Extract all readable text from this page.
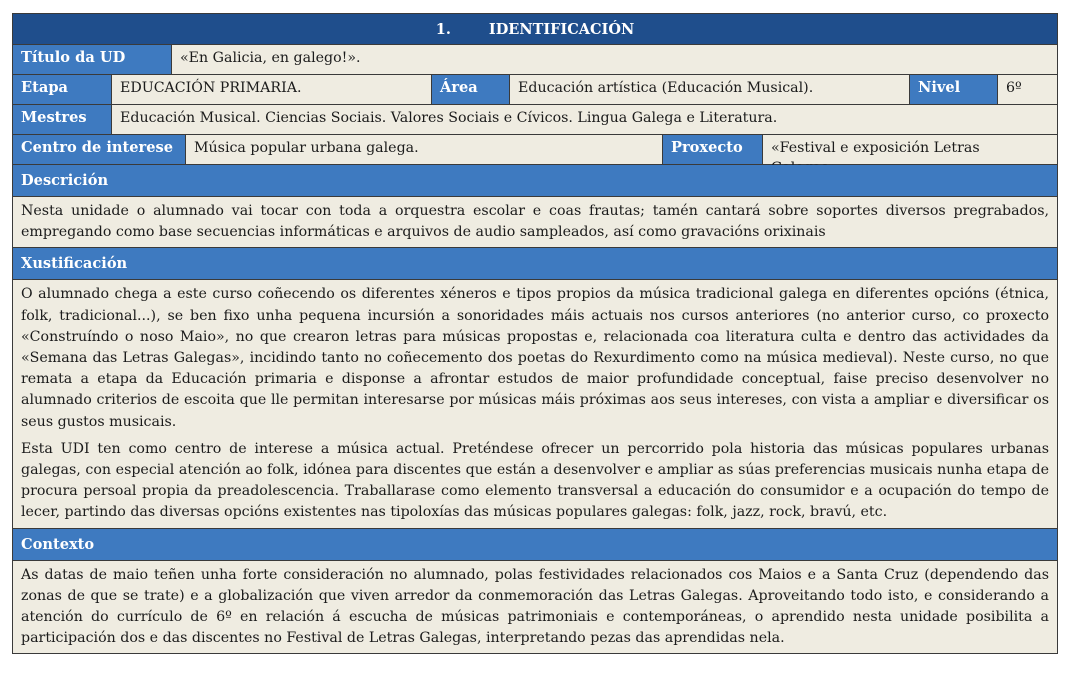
1.	IDENTIFICACIÓN
Título da UD	«En Galicia, en galego!».
Etapa	EDUCACIÓN PRIMARIA.	Área	Educación artística (Educación Musical).	Nivel	6º
Mestres	Educación Musical. Ciencias Sociais. Valores Sociais e Cívicos. Lingua Galega e Literatura.
Centro de interese	Música popular urbana galega.	Proxecto	«Festival e exposición Letras
Descrición

Nesta unidade o alumnado vai tocar con toda a orquestra escolar e coas frautas; tamén cantará sobre soportes diversos pregrabados, empregando como base secuencias informáticas e arquivos de audio sampleados, así como gravacións orixinais

Xustificación

O alumnado chega a este curso coñecendo os diferentes xéneros e tipos propios da música tradicional galega en diferentes opcións (étnica, folk, tradicional...), se ben fixo unha pequena incursión a sonoridades máis actuais nos cursos anteriores (no anterior curso, co proxecto «Construíndo o noso Maio», no que crearon letras para músicas propostas e, relacionada coa literatura culta e dentro das actividades da «Semana das Letras Galegas», incidindo tanto no coñecemento dos poetas do Rexurdimento como na música medieval). Neste curso, no que remata a etapa da Educación primaria e disponse a afrontar estudos de maior profundidade conceptual, faise preciso desenvolver no alumnado criterios de escoita que lle permitan interesarse por músicas máis próximas aos seus intereses, con vista a ampliar e diversificar os seus gustos musicais.

Esta UDI ten como centro de interese a música actual. Preténdese ofrecer un percorrido pola historia das músicas populares urbanas galegas, con especial atención ao folk, idónea para discentes que están a desenvolver e ampliar as súas preferencias musicais nunha etapa de procura persoal propia da preadolescencia. Traballarase como elemento transversal a educación do consumidor e a ocupación do tempo de lecer, partindo das diversas opcións existentes nas tipoloxías das músicas populares galegas: folk, jazz, rock, bravú, etc.

Contexto

As datas de maio teñen unha forte consideración no alumnado, polas festividades relacionados cos Maios e a Santa Cruz (dependendo das zonas de que se trate) e a globalización que viven arredor da conmemoración das Letras Galegas. Aproveitando todo isto, e considerando a atención do currículo de 6º en relación á escucha de músicas patrimoniais e contemporáneas, o aprendido nesta unidade posibilita a participación dos e das discentes no Festival de Letras Galegas, interpretando pezas das aprendidas nela.
